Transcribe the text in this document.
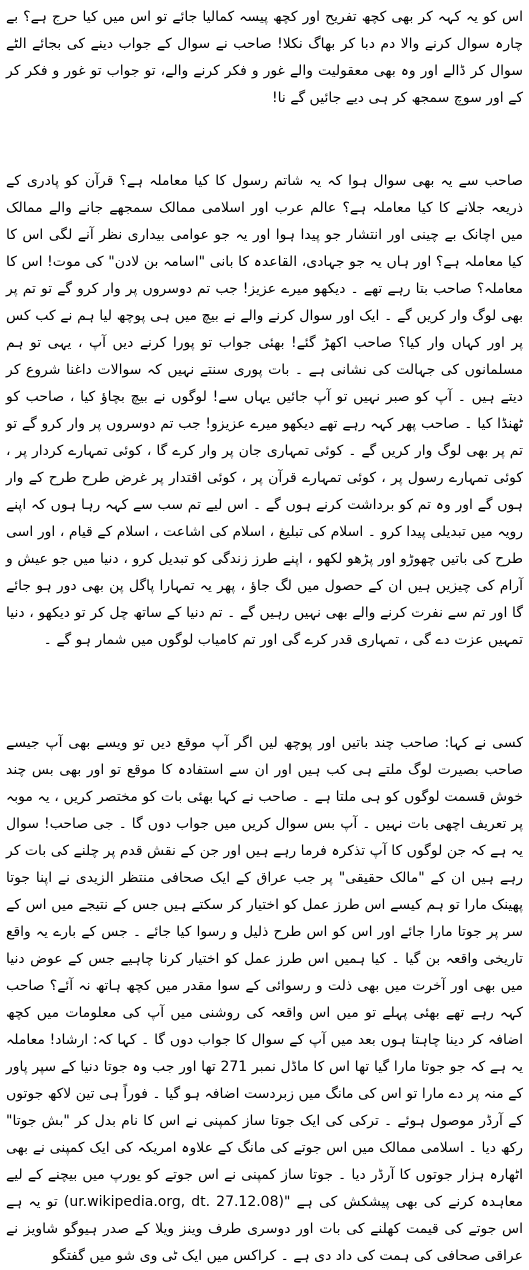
اس کو یہ کہہ کر بھی کچھ تفریح اور کچھ پیسہ کمالیا جائے تو اس میں کیا حرج ہے؟ بے چارہ سوال کرنے والا دم دبا کر بھاگ نکلا! صاحب نے سوال کے جواب دینے کی بجائے الٹے سوال کر ڈالے اور وہ بھی معقولیت والے غور و فکر کرنے والے، تو جواب تو غور و فکر کر کے اور سوچ سمجھ کر ہی دیے جائیں گے نا!

صاحب سے یہ بھی سوال ہوا کہ یہ شاتم رسول کا کیا معاملہ ہے؟ قرآن کو پادری کے ذریعہ جلانے کا کیا معاملہ ہے؟ عالم عرب اور اسلامی ممالک سمجھے جانے والے ممالک میں اچانک بے چینی اور انتشار جو پیدا ہوا اور یہ جو عوامی بیداری نظر آنے لگی اس کا کیا معاملہ ہے؟ اور ہاں یہ جو جہادی، القاعدہ کا بانی "اسامہ بن لادن" کی موت! اس کا معاملہ؟ صاحب بتا رہے تھے ۔ دیکھو میرے عزیز! جب تم دوسروں پر وار کرو گے تو تم پر بھی لوگ وار کریں گے ۔ ایک اور سوال کرنے والے نے بیچ میں ہی پوچھ لیا ہم نے کب کس پر اور کہاں وار کیا؟ صاحب اکھڑ گئے! بھئی جواب تو پورا کرنے دیں آپ ، یہی تو ہم مسلمانوں کی جہالت کی نشانی ہے ۔ بات پوری سنتے نہیں کہ سوالات داغنا شروع کر دیتے ہیں ۔ آپ کو صبر نہیں تو آپ جائیں یہاں سے! لوگوں نے بیچ بچاؤ کیا ، صاحب کو ٹھنڈا کیا ۔ صاحب پھر کہہ رہے تھے دیکھو میرے عزیزو! جب تم دوسروں پر وار کرو گے تو تم پر بھی لوگ وار کریں گے ۔ کوئی تمہاری جان پر وار کرے گا ، کوئی تمہارے کردار پر ، کوئی تمہارے رسول پر ، کوئی تمہارے قرآن پر ، کوئی اقتدار پر غرض طرح طرح کے وار ہوں گے اور وہ تم کو برداشت کرنے ہوں گے ۔ اس لیے تم سب سے کہہ رہا ہوں کہ اپنے رویہ میں تبدیلی پیدا کرو ۔ اسلام کی تبلیغ ، اسلام کی اشاعت ، اسلام کے قیام ، اور اسی طرح کی باتیں چھوڑو اور پڑھو لکھو ، اپنے طرز زندگی کو تبدیل کرو ، دنیا میں جو عیش و آرام کی چیزیں ہیں ان کے حصول میں لگ جاؤ ، پھر یہ تمہارا پاگل پن بھی دور ہو جائے گا اور تم سے نفرت کرنے والے بھی نہیں رہیں گے ۔ تم دنیا کے ساتھ چل کر تو دیکھو ، دنیا تمہیں عزت دے گی ، تمہاری قدر کرے گی اور تم کامیاب لوگوں میں شمار ہو گے ۔

کسی نے کہا: صاحب چند باتیں اور پوچھ لیں اگر آپ موقع دیں تو ویسے بھی آپ جیسے صاحب بصیرت لوگ ملتے ہی کب ہیں اور ان سے استفادہ کا موقع تو اور بھی بس چند خوش قسمت لوگوں کو ہی ملتا ہے ۔ صاحب نے کہا بھئی بات کو مختصر کریں ، یہ موبہ پر تعریف اچھی بات نہیں ۔ آپ بس سوال کریں میں جواب دوں گا ۔ جی صاحب! سوال یہ ہے کہ جن لوگوں کا آپ تذکرہ فرما رہے ہیں اور جن کے نقش قدم پر چلنے کی بات کر رہے ہیں ان کے "مالک حقیقی" پر جب عراق کے ایک صحافی منتظر الزیدی نے اپنا جوتا پھینک مارا تو ہم کیسے اس طرز عمل کو اختیار کر سکتے ہیں جس کے نتیجے میں اس کے سر پر جوتا مارا جائے اور اس کو اس طرح ذلیل و رسوا کیا جائے ۔ جس کے بارے یہ واقع تاریخی واقعہ بن گیا ۔ کیا ہمیں اس طرز عمل کو اختیار کرنا چاہیے جس کے عوض دنیا میں بھی اور آخرت میں بھی ذلت و رسوائی کے سوا مقدر میں کچھ ہاتھ نہ آئے؟ صاحب کہہ رہے تھے بھئی پہلے تو میں اس واقعہ کی روشنی میں آپ کی معلومات میں کچھ اضافہ کر دینا چاہتا ہوں بعد میں آپ کے سوال کا جواب دوں گا ۔ کہا کہ: ارشاد! معاملہ یہ ہے کہ جو جوتا مارا گیا تھا اس کا ماڈل نمبر 271 تھا اور جب وہ جوتا دنیا کے سپر پاور کے منہ پر دے مارا تو اس کی مانگ میں زبردست اضافہ ہو گیا ۔ فوراً ہی تین لاکھ جوتوں کے آرڈر موصول ہوئے ۔ ترکی کی ایک جوتا ساز کمپنی نے اس کا نام بدل کر "بش جوتا" رکھ دیا ۔ اسلامی ممالک میں اس جوتے کی مانگ کے علاوہ امریکہ کی ایک کمپنی نے بھی اٹھارہ ہزار جوتوں کا آرڈر دیا ۔ جوتا ساز کمپنی نے اس جوتے کو یورپ میں بیچنے کے لیے معاہدہ کرنے کی بھی پیشکش کی ہے "(ur.wikipedia.org, dt. 27.12.08) تو یہ ہے اس جوتے کی قیمت کھلنے کی بات اور دوسری طرف وینز ویلا کے صدر ہیوگو شاویز نے عراقی صحافی کی ہمت کی داد دی ہے ۔ کراکس میں ایک ٹی وی شو میں گفتگو
